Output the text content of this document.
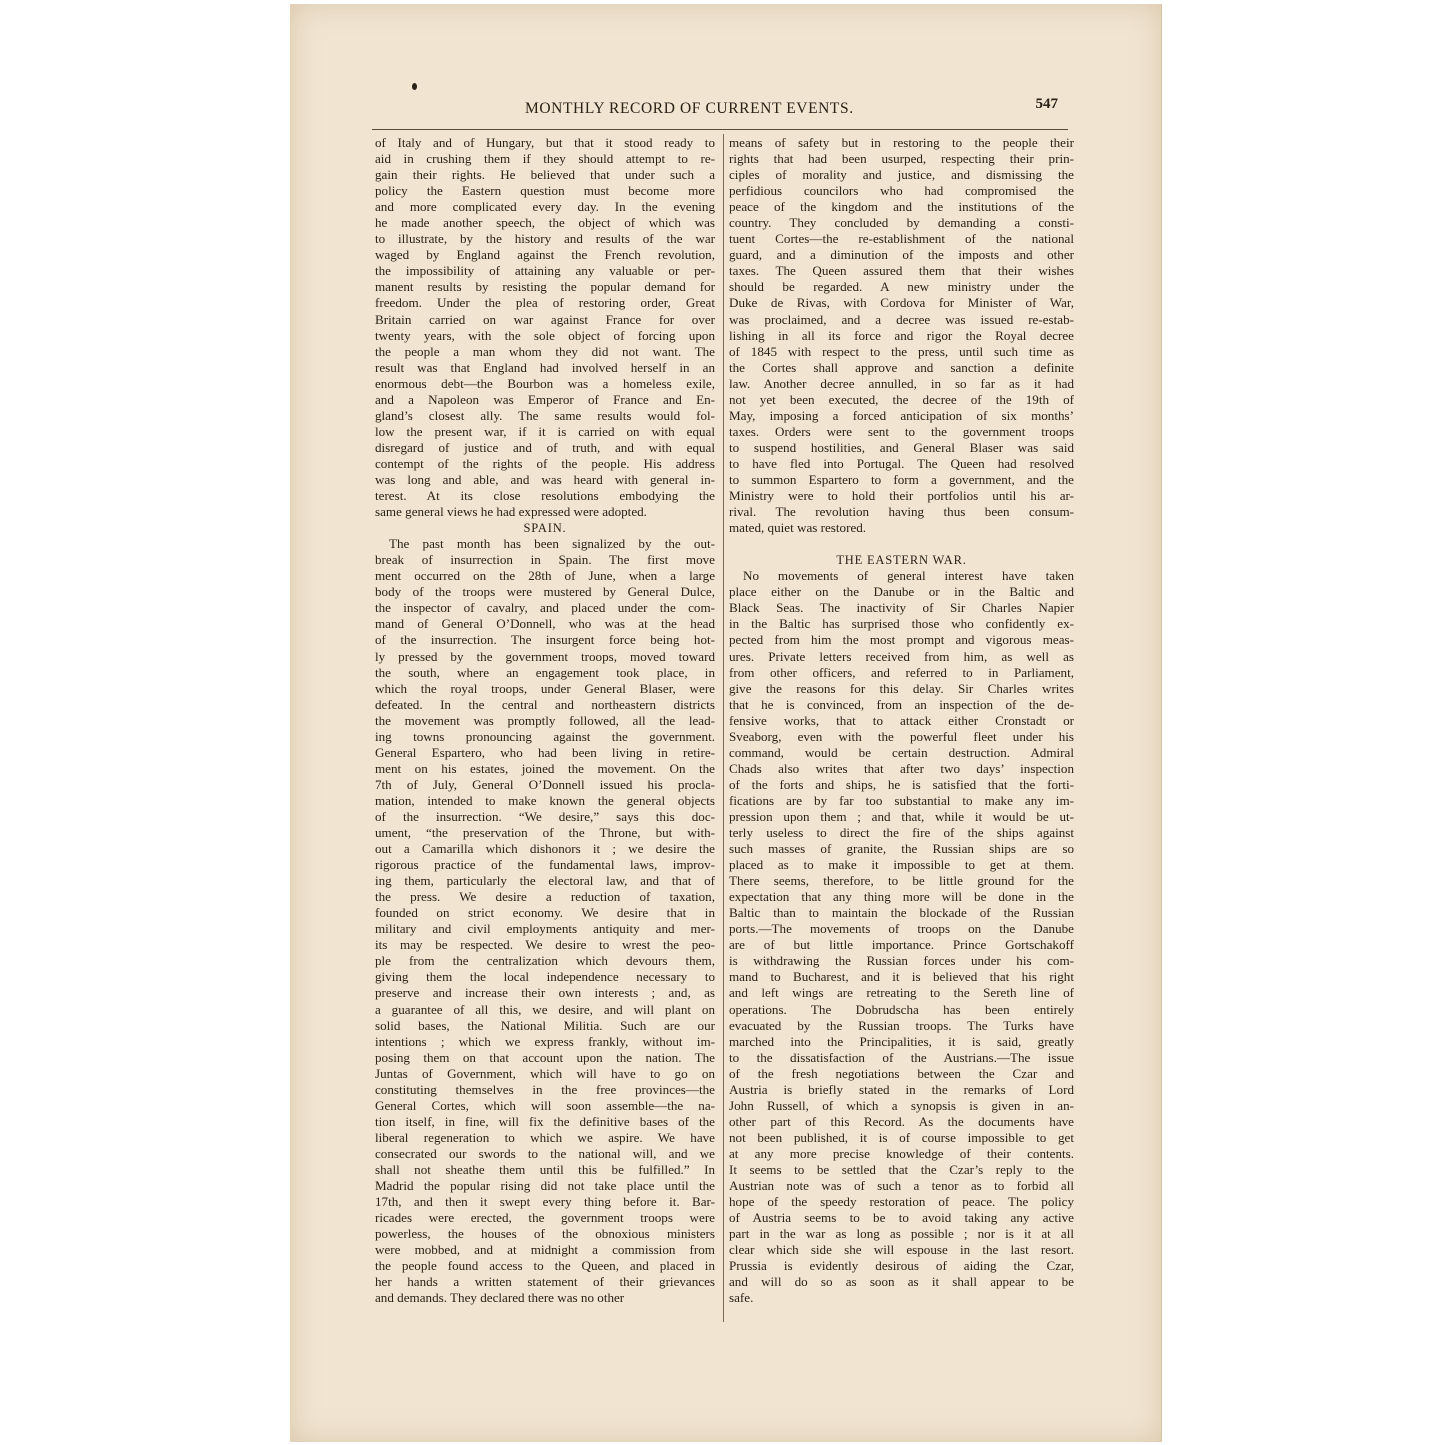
MONTHLY RECORD OF CURRENT EVENTS.	547
of Italy and of Hungary, but that it stood ready to
aid in crushing them if they should attempt to re-
gain their rights. He believed that under such a
policy the Eastern question must become more
and more complicated every day. In the evening
he made another speech, the object of which was
to illustrate, by the history and results of the war
waged by England against the French revolution,
the impossibility of attaining any valuable or per-
manent results by resisting the popular demand for
freedom. Under the plea of restoring order, Great
Britain carried on war against France for over
twenty years, with the sole object of forcing upon
the people a man whom they did not want. The
result was that England had involved herself in an
enormous debt—the Bourbon was a homeless exile,
and a Napoleon was Emperor of France and En-
gland’s closest ally. The same results would fol-
low the present war, if it is carried on with equal
disregard of justice and of truth, and with equal
contempt of the rights of the people. His address
was long and able, and was heard with general in-
terest. At its close resolutions embodying the
same general views he had expressed were adopted.
SPAIN.
The past month has been signalized by the out-
break of insurrection in Spain. The first move
ment occurred on the 28th of June, when a large
body of the troops were mustered by General Dulce,
the inspector of cavalry, and placed under the com-
mand of General O’Donnell, who was at the head
of the insurrection. The insurgent force being hot-
ly pressed by the government troops, moved toward
the south, where an engagement took place, in
which the royal troops, under General Blaser, were
defeated. In the central and northeastern districts
the movement was promptly followed, all the lead-
ing towns pronouncing against the government.
General Espartero, who had been living in retire-
ment on his estates, joined the movement. On the
7th of July, General O’Donnell issued his procla-
mation, intended to make known the general objects
of the insurrection. “We desire,” says this doc-
ument, “the preservation of the Throne, but with-
out a Camarilla which dishonors it ; we desire the
rigorous practice of the fundamental laws, improv-
ing them, particularly the electoral law, and that of
the press. We desire a reduction of taxation,
founded on strict economy. We desire that in
military and civil employments antiquity and mer-
its may be respected. We desire to wrest the peo-
ple from the centralization which devours them,
giving them the local independence necessary to
preserve and increase their own interests ; and, as
a guarantee of all this, we desire, and will plant on
solid bases, the National Militia. Such are our
intentions ; which we express frankly, without im-
posing them on that account upon the nation. The
Juntas of Government, which will have to go on
constituting themselves in the free provinces—the
General Cortes, which will soon assemble—the na-
tion itself, in fine, will fix the definitive bases of the
liberal regeneration to which we aspire. We have
consecrated our swords to the national will, and we
shall not sheathe them until this be fulfilled.” In
Madrid the popular rising did not take place until the
17th, and then it swept every thing before it. Bar-
ricades were erected, the government troops were
powerless, the houses of the obnoxious ministers
were mobbed, and at midnight a commission from
the people found access to the Queen, and placed in
her hands a written statement of their grievances
and demands. They declared there was no other
means of safety but in restoring to the people their
rights that had been usurped, respecting their prin-
ciples of morality and justice, and dismissing the
perfidious councilors who had compromised the
peace of the kingdom and the institutions of the
country. They concluded by demanding a consti-
tuent Cortes—the re-establishment of the national
guard, and a diminution of the imposts and other
taxes. The Queen assured them that their wishes
should be regarded. A new ministry under the
Duke de Rivas, with Cordova for Minister of War,
was proclaimed, and a decree was issued re-estab-
lishing in all its force and rigor the Royal decree
of 1845 with respect to the press, until such time as
the Cortes shall approve and sanction a definite
law. Another decree annulled, in so far as it had
not yet been executed, the decree of the 19th of
May, imposing a forced anticipation of six months’
taxes. Orders were sent to the government troops
to suspend hostilities, and General Blaser was said
to have fled into Portugal. The Queen had resolved
to summon Espartero to form a government, and the
Ministry were to hold their portfolios until his ar-
rival. The revolution having thus been consum-
mated, quiet was restored.
THE EASTERN WAR.
No movements of general interest have taken
place either on the Danube or in the Baltic and
Black Seas. The inactivity of Sir Charles Napier
in the Baltic has surprised those who confidently ex-
pected from him the most prompt and vigorous meas-
ures. Private letters received from him, as well as
from other officers, and referred to in Parliament,
give the reasons for this delay. Sir Charles writes
that he is convinced, from an inspection of the de-
fensive works, that to attack either Cronstadt or
Sveaborg, even with the powerful fleet under his
command, would be certain destruction. Admiral
Chads also writes that after two days’ inspection
of the forts and ships, he is satisfied that the forti-
fications are by far too substantial to make any im-
pression upon them ; and that, while it would be ut-
terly useless to direct the fire of the ships against
such masses of granite, the Russian ships are so
placed as to make it impossible to get at them.
There seems, therefore, to be little ground for the
expectation that any thing more will be done in the
Baltic than to maintain the blockade of the Russian
ports.—The movements of troops on the Danube
are of but little importance. Prince Gortschakoff
is withdrawing the Russian forces under his com-
mand to Bucharest, and it is believed that his right
and left wings are retreating to the Sereth line of
operations. The Dobrudscha has been entirely
evacuated by the Russian troops. The Turks have
marched into the Principalities, it is said, greatly
to the dissatisfaction of the Austrians.—The issue
of the fresh negotiations between the Czar and
Austria is briefly stated in the remarks of Lord
John Russell, of which a synopsis is given in an-
other part of this Record. As the documents have
not been published, it is of course impossible to get
at any more precise knowledge of their contents.
It seems to be settled that the Czar’s reply to the
Austrian note was of such a tenor as to forbid all
hope of the speedy restoration of peace. The policy
of Austria seems to be to avoid taking any active
part in the war as long as possible ; nor is it at all
clear which side she will espouse in the last resort.
Prussia is evidently desirous of aiding the Czar,
and will do so as soon as it shall appear to be
safe.
